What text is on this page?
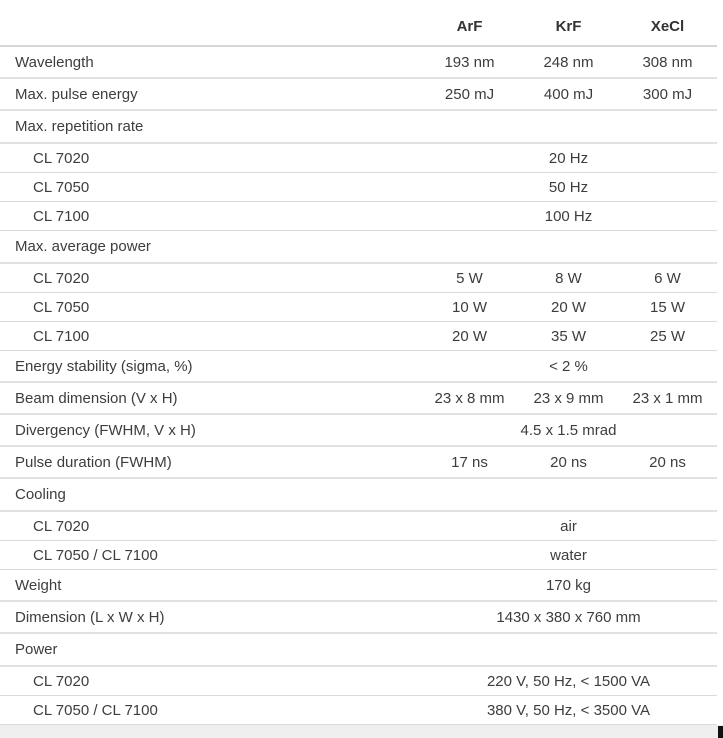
ArF	KrF	XeCl
Wavelength	193 nm	248 nm	308 nm
Max. pulse energy	250 mJ	400 mJ	300 mJ
Max. repetition rate
CL 7020	20 Hz
CL 7050	50 Hz
CL 7100	100 Hz
Max. average power
CL 7020	5 W	8 W	6 W
CL 7050	10 W	20 W	15 W
CL 7100	20 W	35 W	25 W
Energy stability (sigma, %)	< 2 %
Beam dimension (V x H)	23 x 8 mm	23 x 9 mm	23 x 1 mm
Divergency (FWHM, V x H)	4.5 x 1.5 mrad
Pulse duration (FWHM)	17 ns	20 ns	20 ns
Cooling
CL 7020	air
CL 7050 / CL 7100	water
Weight	170 kg
Dimension (L x W x H)	1430 x 380 x 760 mm
Power
CL 7020	220 V, 50 Hz, < 1500 VA
CL 7050 / CL 7100	380 V, 50 Hz, < 3500 VA
